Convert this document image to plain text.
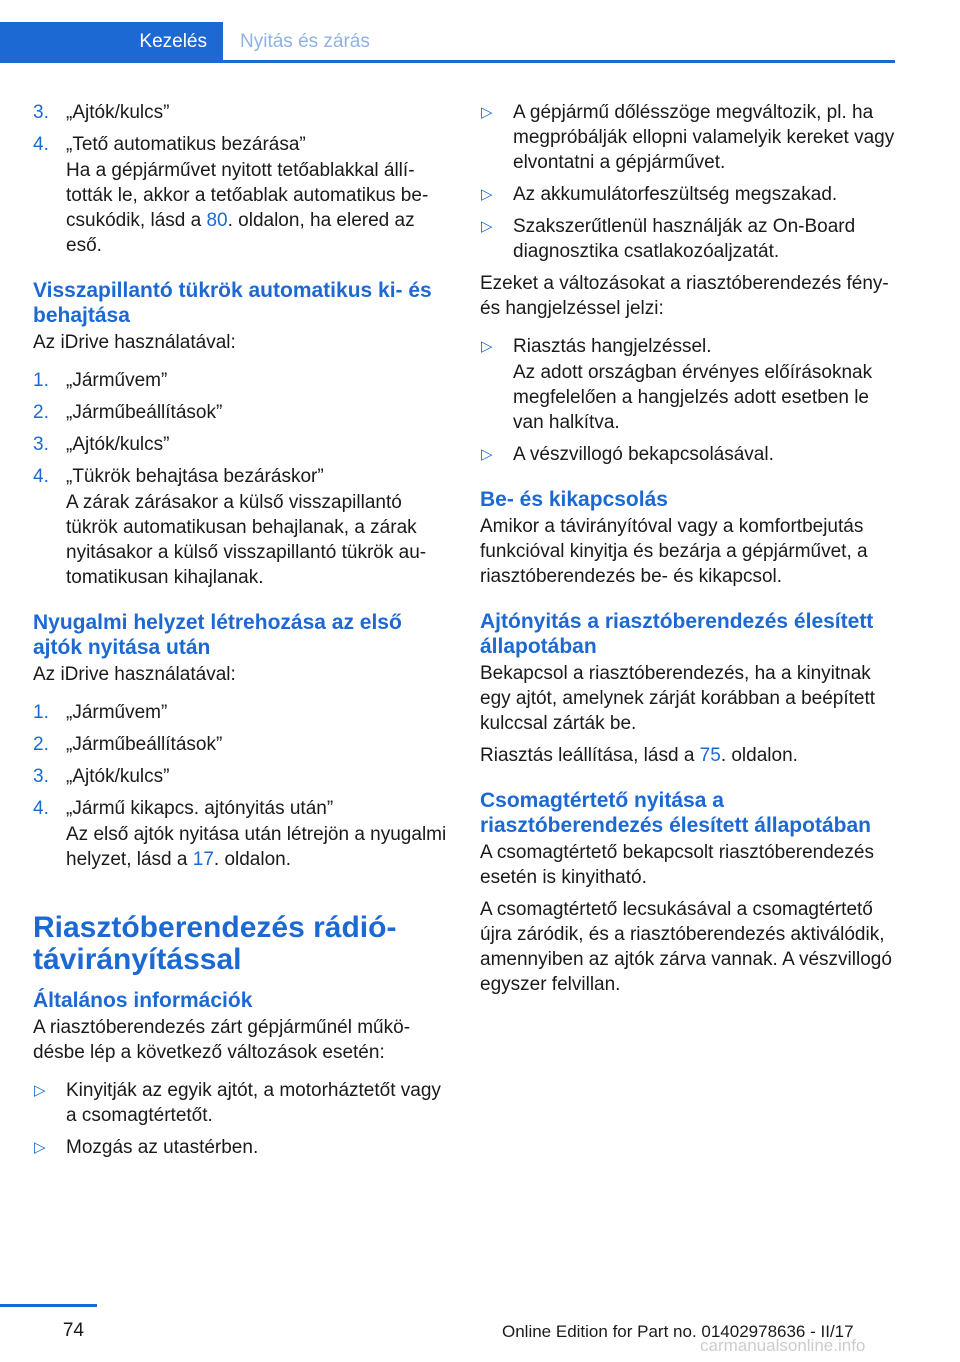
Kezelés	Nyitás és zárás
3. „Ajtók/kulcs”
4. „Tető automatikus bezárása”
Ha a gépjárművet nyitott tetőablakkal állították le, akkor a tetőablak automatikus becsukódik, lásd a 80. oldalon, ha elered az eső.
Visszapillantó tükrök automatikus ki- és behajtása
Az iDrive használatával:
1. „Járművem”
2. „Járműbeállítások”
3. „Ajtók/kulcs”
4. „Tükrök behajtása bezáráskor”
A zárak zárásakor a külső visszapillantó tükrök automatikusan behajlanak, a zárak nyitásakor a külső visszapillantó tükrök automatikusan kihajlanak.
Nyugalmi helyzet létrehozása az első ajtók nyitása után
Az iDrive használatával:
1. „Járművem”
2. „Járműbeállítások”
3. „Ajtók/kulcs”
4. „Jármű kikapcs. ajtónyitás után”
Az első ajtók nyitása után létrejön a nyugalmi helyzet, lásd a 17. oldalon.
Riasztóberendezés rádiótávirányítással
Általános információk
A riasztóberendezés zárt gépjárműnél működésbe lép a következő változások esetén:
▷ Kinyitják az egyik ajtót, a motorháztetőt vagy a csomagtértetőt.
▷ Mozgás az utastérben.
▷ A gépjármű dőlésszöge megváltozik, pl. ha megpróbálják ellopni valamelyik kereket vagy elvontatni a gépjárművet.
▷ Az akkumulátorfeszültség megszakad.
▷ Szakszerűtlenül használják az On-Board diagnosztika csatlakozóaljzatát.
Ezeket a változásokat a riasztóberendezés fény- és hangjelzéssel jelzi:
▷ Riasztás hangjelzéssel.
Az adott országban érvényes előírásoknak megfelelően a hangjelzés adott esetben le van halkítva.
▷ A vészvillogó bekapcsolásával.
Be- és kikapcsolás
Amikor a távirányítóval vagy a komfortbejutás funkcióval kinyitja és bezárja a gépjárművet, a riasztóberendezés be- és kikapcsol.
Ajtónyitás a riasztóberendezés élesített állapotában
Bekapcsol a riasztóberendezés, ha a kinyitnak egy ajtót, amelynek zárját korábban a beépített kulccsal zárták be.
Riasztás leállítása, lásd a 75. oldalon.
Csomagtértető nyitása a riasztóberendezés élesített állapotában
A csomagtértető bekapcsolt riasztóberendezés esetén is kinyitható.
A csomagtértető lecsukásával a csomagtértető újra záródik, és a riasztóberendezés aktiválódik, amennyiben az ajtók zárva vannak. A vészvillogó egyszer felvillan.
74	Online Edition for Part no. 01402978636 - II/17
carmanualsonline.info
